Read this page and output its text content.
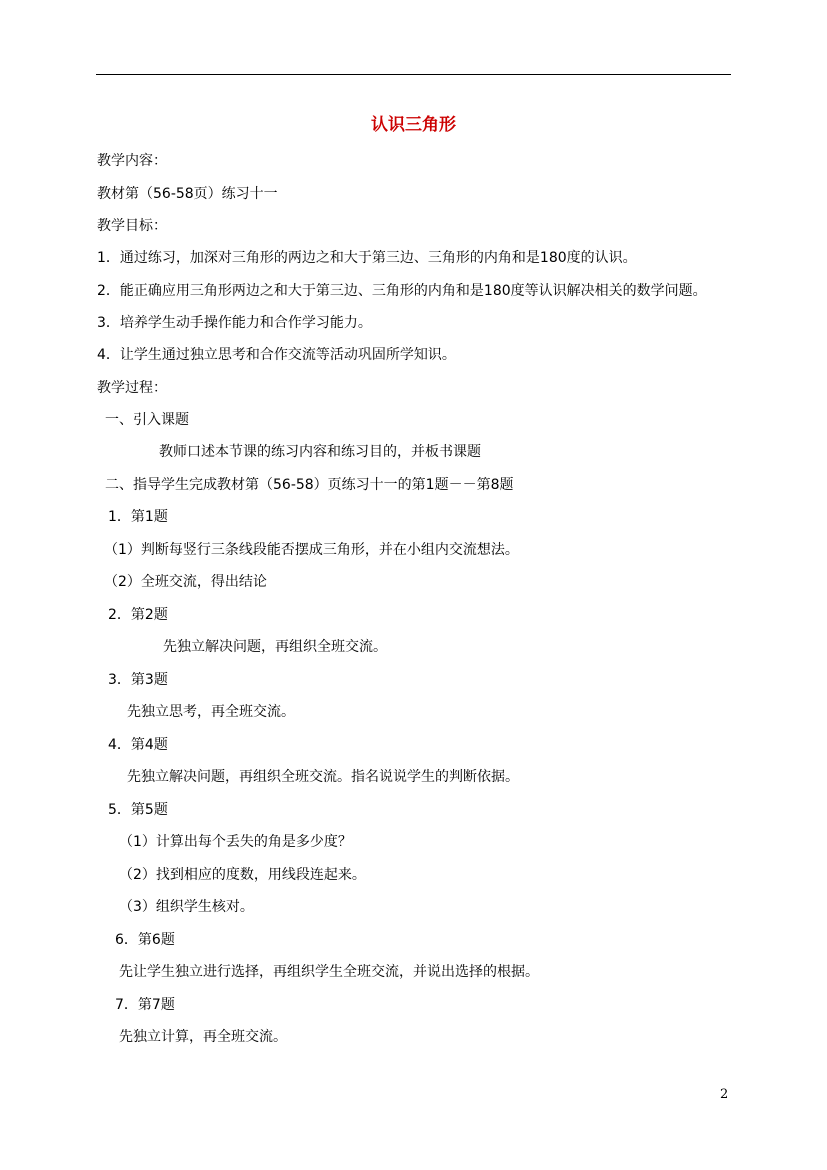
认识三角形
教学内容：
教材第（56-58页）练习十一
教学目标：
1．通过练习，加深对三角形的两边之和大于第三边、三角形的内角和是180度的认识。
2．能正确应用三角形两边之和大于第三边、三角形的内角和是180度等认识解决相关的数学问题。
3．培养学生动手操作能力和合作学习能力。
4．让学生通过独立思考和合作交流等活动巩固所学知识。
教学过程：
一、引入课题
教师口述本节课的练习内容和练习目的，并板书课题
二、指导学生完成教材第（56-58）页练习十一的第1题－－第8题
1．第1题
（1）判断每竖行三条线段能否摆成三角形，并在小组内交流想法。
（2）全班交流，得出结论
2．第2题
先独立解决问题，再组织全班交流。
3．第3题
先独立思考，再全班交流。
4．第4题
先独立解决问题，再组织全班交流。指名说说学生的判断依据。
5．第5题
（1）计算出每个丢失的角是多少度？
（2）找到相应的度数，用线段连起来。
（3）组织学生核对。
6．第6题
先让学生独立进行选择，再组织学生全班交流，并说出选择的根据。
7．第7题
先独立计算，再全班交流。
2
